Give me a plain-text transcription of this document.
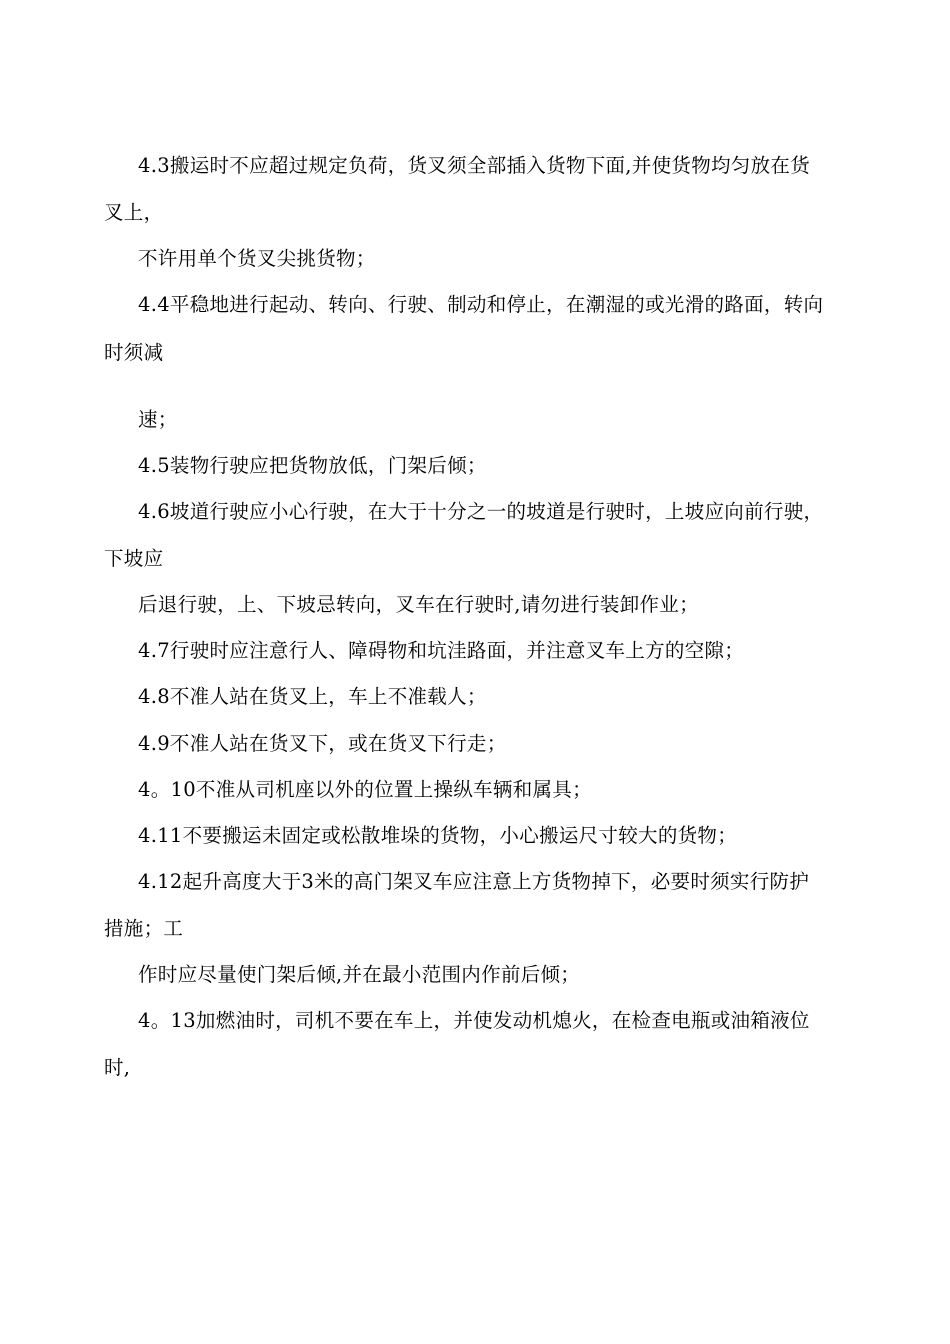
4.3搬运时不应超过规定负荷，货叉须全部插入货物下面,并使货物均匀放在货
叉上，
不许用单个货叉尖挑货物；
4.4平稳地进行起动、转向、行驶、制动和停止，在潮湿的或光滑的路面，转向
时须减
速；
4.5装物行驶应把货物放低，门架后倾；
4.6坡道行驶应小心行驶，在大于十分之一的坡道是行驶时，上坡应向前行驶，
下坡应
后退行驶，上、下坡忌转向，叉车在行驶时,请勿进行装卸作业；
4.7行驶时应注意行人、障碍物和坑洼路面，并注意叉车上方的空隙；
4.8不准人站在货叉上，车上不准载人；
4.9不准人站在货叉下，或在货叉下行走；
4。10不准从司机座以外的位置上操纵车辆和属具；
4.11不要搬运未固定或松散堆垛的货物，小心搬运尺寸较大的货物；
4.12起升高度大于3米的高门架叉车应注意上方货物掉下，必要时须实行防护
措施；工
作时应尽量使门架后倾,并在最小范围内作前后倾；
4。13加燃油时，司机不要在车上，并使发动机熄火，在检查电瓶或油箱液位
时,
